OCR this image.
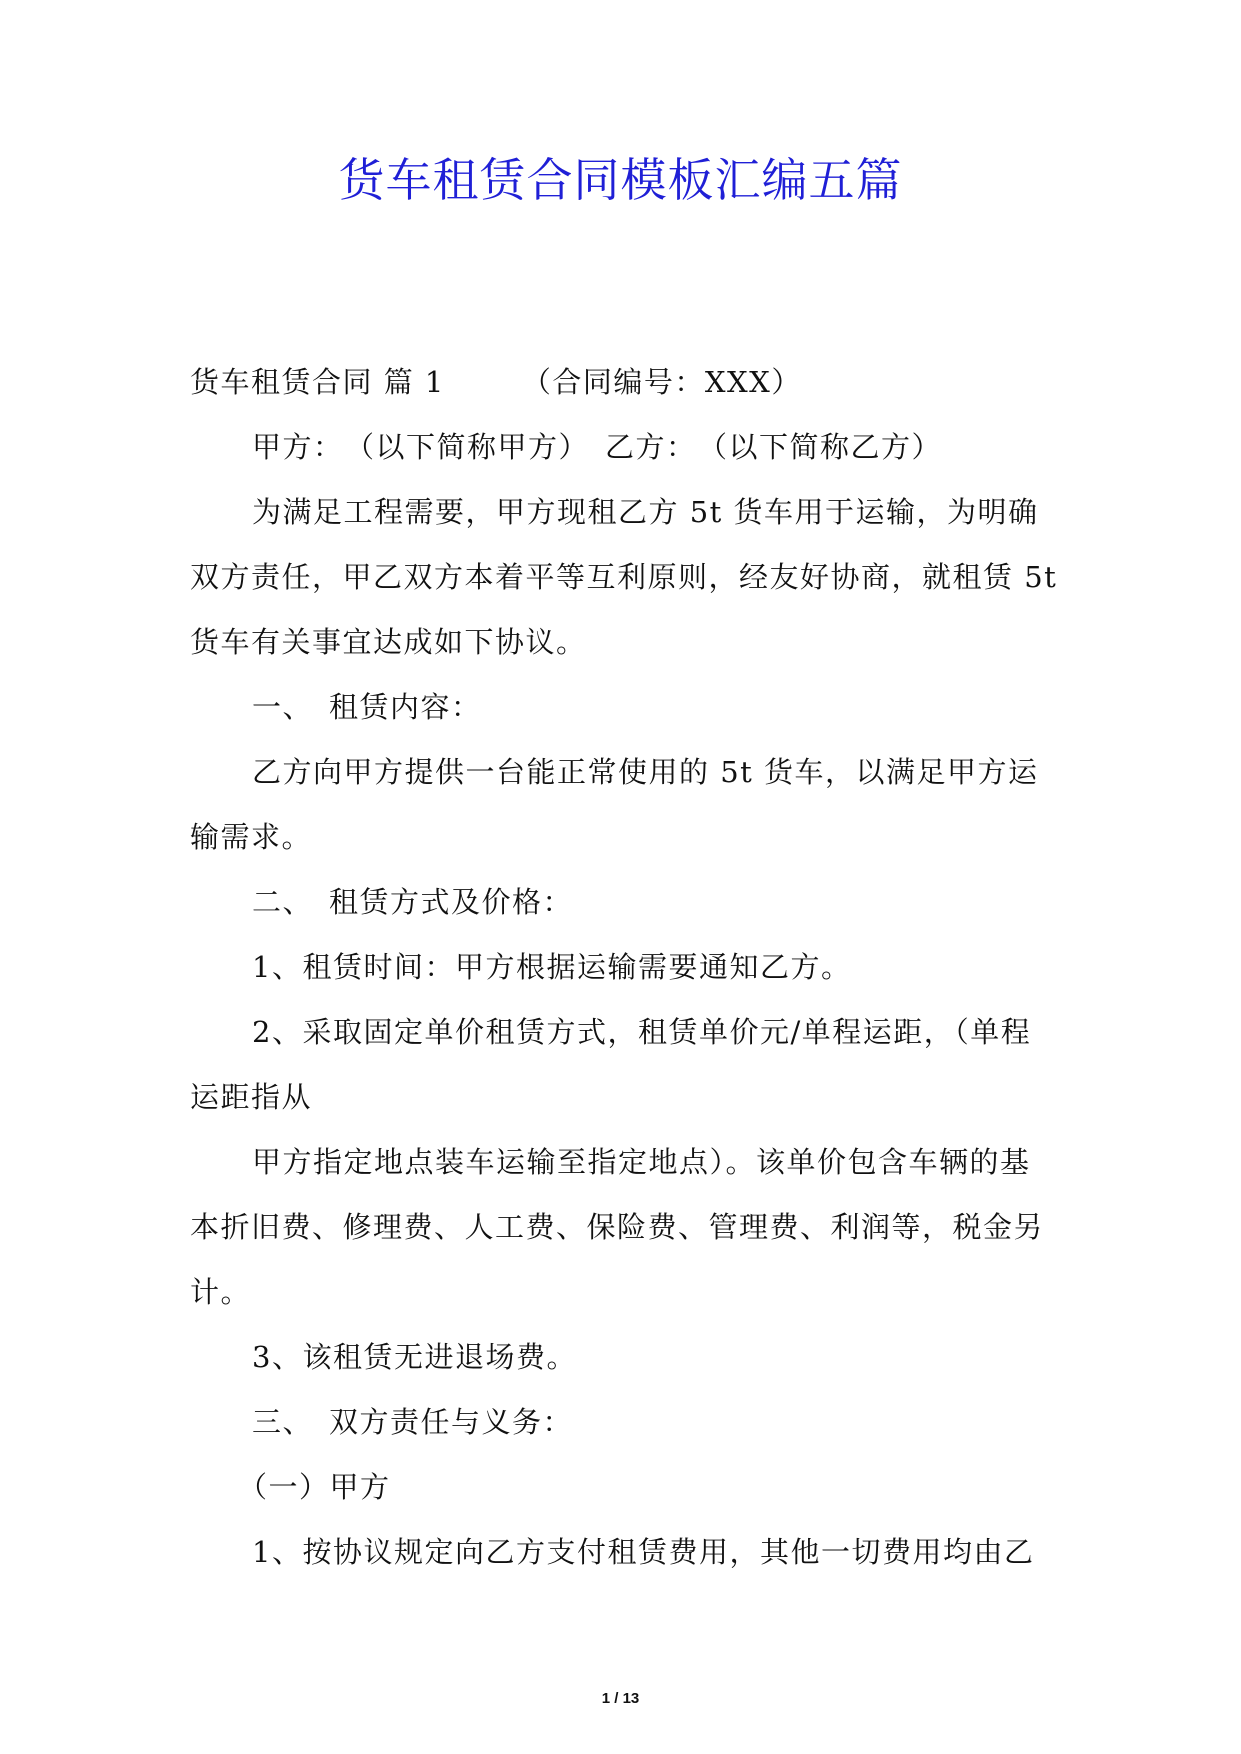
货车租赁合同模板汇编五篇

货车租赁合同 篇 1　　　（合同编号：XXX）

甲方：　（以下简称甲方）　乙方：　（以下简称乙方）

为满足工程需要，甲方现租乙方 5t 货车用于运输，为明确

双方责任，甲乙双方本着平等互利原则，经友好协商，就租赁 5t

货车有关事宜达成如下协议。

一、　租赁内容：

乙方向甲方提供一台能正常使用的 5t 货车，以满足甲方运

输需求。

二、　租赁方式及价格：

1、租赁时间：甲方根据运输需要通知乙方。

2、采取固定单价租赁方式，租赁单价元/单程运距，（单程

运距指从

甲方指定地点装车运输至指定地点）。该单价包含车辆的基

本折旧费、修理费、人工费、保险费、管理费、利润等，税金另

计。

3、该租赁无进退场费。

三、　双方责任与义务：

（一）甲方

1、按协议规定向乙方支付租赁费用，其他一切费用均由乙

1 / 13
